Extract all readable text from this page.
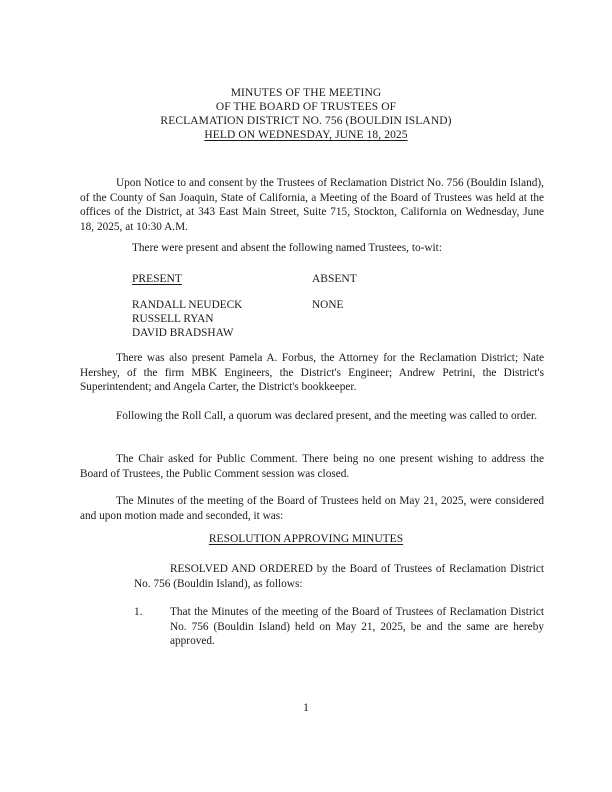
MINUTES OF THE MEETING
OF THE BOARD OF TRUSTEES OF
RECLAMATION DISTRICT NO. 756 (BOULDIN ISLAND)
HELD ON WEDNESDAY, JUNE 18, 2025
Upon Notice to and consent by the Trustees of Reclamation District No. 756 (Bouldin Island), of the County of San Joaquin, State of California, a Meeting of the Board of Trustees was held at the offices of the District, at 343 East Main Street, Suite 715, Stockton, California on Wednesday, June 18, 2025, at 10:30 A.M.
There were present and absent the following named Trustees, to-wit:
PRESENT	ABSENT
RANDALL NEUDECK
RUSSELL RYAN
DAVID BRADSHAW
NONE
There was also present Pamela A. Forbus, the Attorney for the Reclamation District; Nate Hershey, of the firm MBK Engineers, the District's Engineer; Andrew Petrini, the District's Superintendent; and Angela Carter, the District's bookkeeper.
Following the Roll Call, a quorum was declared present, and the meeting was called to order.
The Chair asked for Public Comment. There being no one present wishing to address the Board of Trustees, the Public Comment session was closed.
The Minutes of the meeting of the Board of Trustees held on May 21, 2025, were considered and upon motion made and seconded, it was:
RESOLUTION APPROVING MINUTES
RESOLVED AND ORDERED by the Board of Trustees of Reclamation District No. 756 (Bouldin Island), as follows:
1. That the Minutes of the meeting of the Board of Trustees of Reclamation District No. 756 (Bouldin Island) held on May 21, 2025, be and the same are hereby approved.
1
